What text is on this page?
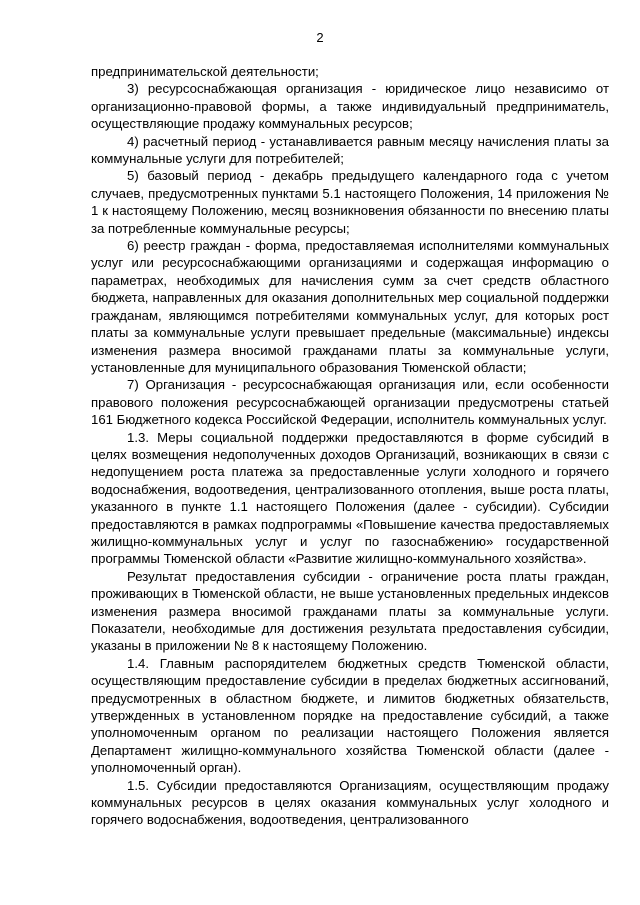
2

предпринимательской деятельности;

3) ресурсоснабжающая организация - юридическое лицо независимо от организационно-правовой формы, а также индивидуальный предприниматель, осуществляющие продажу коммунальных ресурсов;

4) расчетный период - устанавливается равным месяцу начисления платы за коммунальные услуги для потребителей;

5) базовый период - декабрь предыдущего календарного года с учетом случаев, предусмотренных пунктами 5.1 настоящего Положения, 14 приложения № 1 к настоящему Положению, месяц возникновения обязанности по внесению платы за потребленные коммунальные ресурсы;

6) реестр граждан - форма, предоставляемая исполнителями коммунальных услуг или ресурсоснабжающими организациями и содержащая информацию о параметрах, необходимых для начисления сумм за счет средств областного бюджета, направленных для оказания дополнительных мер социальной поддержки гражданам, являющимся потребителями коммунальных услуг, для которых рост платы за коммунальные услуги превышает предельные (максимальные) индексы изменения размера вносимой гражданами платы за коммунальные услуги, установленные для муниципального образования Тюменской области;

7) Организация - ресурсоснабжающая организация или, если особенности правового положения ресурсоснабжающей организации предусмотрены статьей 161 Бюджетного кодекса Российской Федерации, исполнитель коммунальных услуг.

1.3. Меры социальной поддержки предоставляются в форме субсидий в целях возмещения недополученных доходов Организаций, возникающих в связи с недопущением роста платежа за предоставленные услуги холодного и горячего водоснабжения, водоотведения, централизованного отопления, выше роста платы, указанного в пункте 1.1 настоящего Положения (далее - субсидии). Субсидии предоставляются в рамках подпрограммы «Повышение качества предоставляемых жилищно-коммунальных услуг и услуг по газоснабжению» государственной программы Тюменской области «Развитие жилищно-коммунального хозяйства».

Результат предоставления субсидии - ограничение роста платы граждан, проживающих в Тюменской области, не выше установленных предельных индексов изменения размера вносимой гражданами платы за коммунальные услуги. Показатели, необходимые для достижения результата предоставления субсидии, указаны в приложении № 8 к настоящему Положению.

1.4. Главным распорядителем бюджетных средств Тюменской области, осуществляющим предоставление субсидии в пределах бюджетных ассигнований, предусмотренных в областном бюджете, и лимитов бюджетных обязательств, утвержденных в установленном порядке на предоставление субсидий, а также уполномоченным органом по реализации настоящего Положения является Департамент жилищно-коммунального хозяйства Тюменской области (далее - уполномоченный орган).

1.5. Субсидии предоставляются Организациям, осуществляющим продажу коммунальных ресурсов в целях оказания коммунальных услуг холодного и горячего водоснабжения, водоотведения, централизованного
